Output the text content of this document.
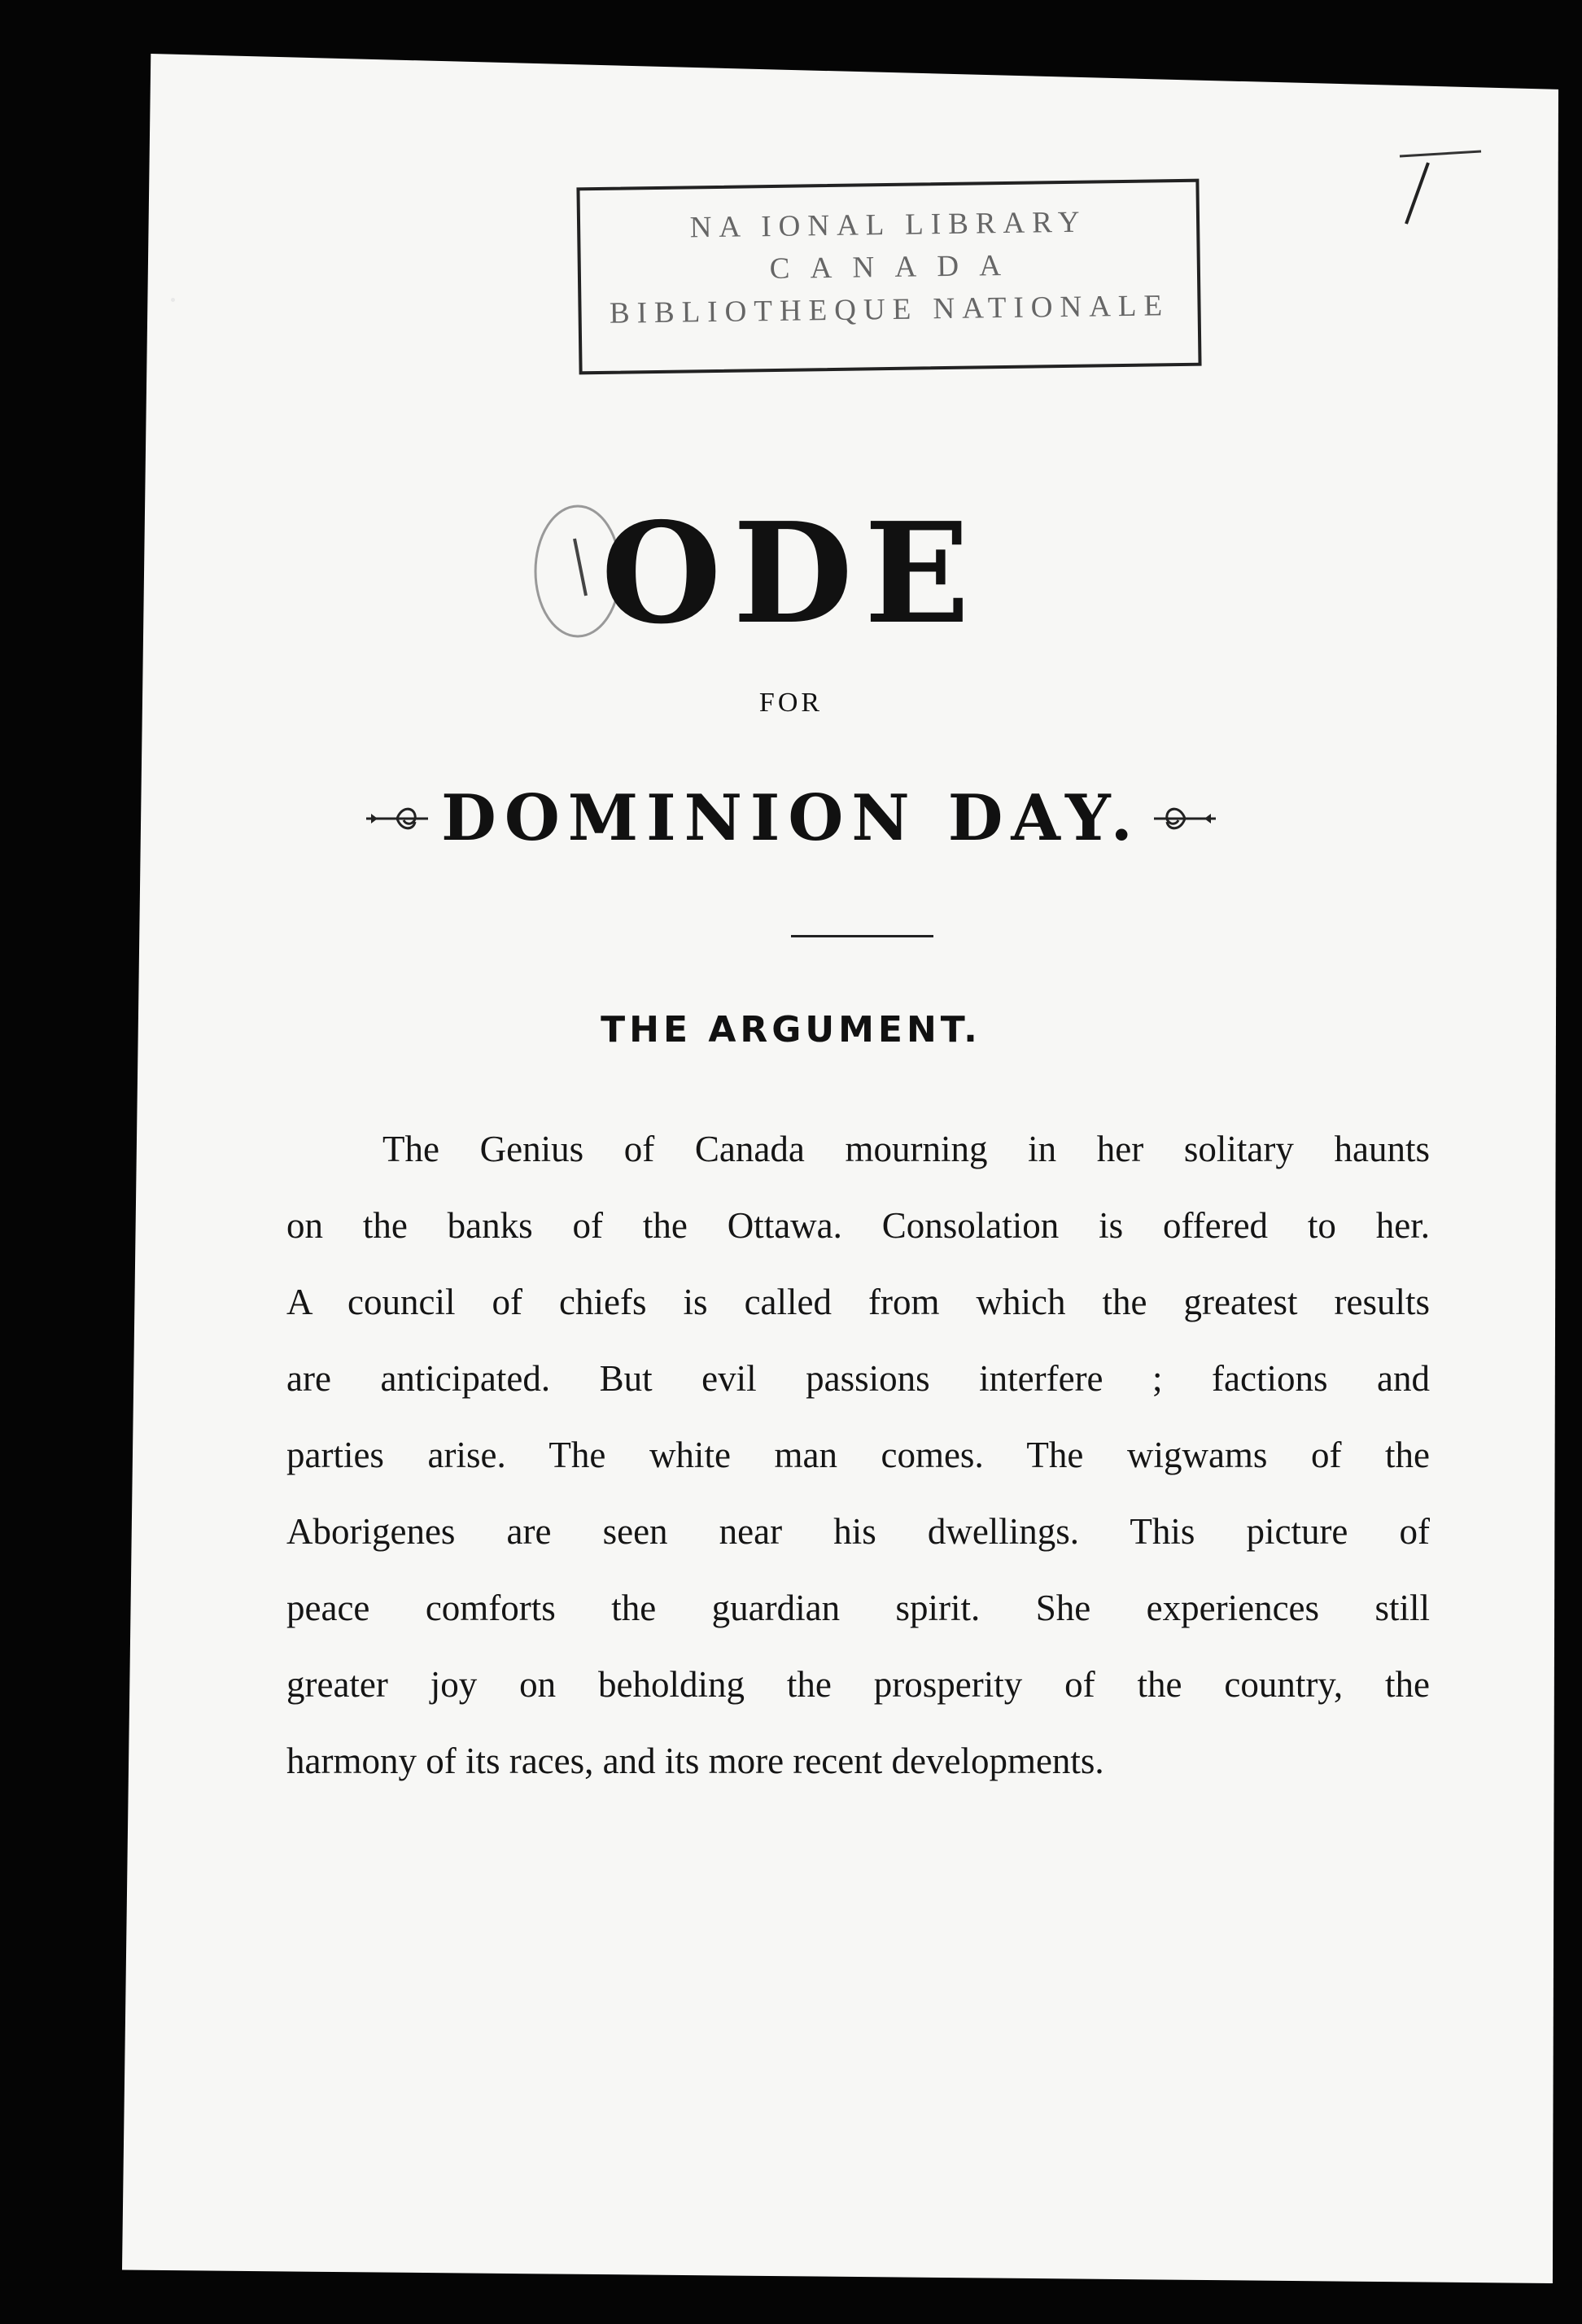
NA IONAL LIBRARY
C A N A D A
BIBLIOTHEQUE NATIONALE
ODE
FOR
DOMINION DAY.
THE ARGUMENT.
The Genius of Canada mourning in her solitary haunts
on the banks of the Ottawa. Consolation is offered to her.
A council of chiefs is called from which the greatest results
are anticipated. But evil passions interfere ; factions and
parties arise. The white man comes. The wigwams of the
Aborigenes are seen near his dwellings. This picture of
peace comforts the guardian spirit. She experiences still
greater joy on beholding the prosperity of the country, the
harmony of its races, and its more recent developments.
